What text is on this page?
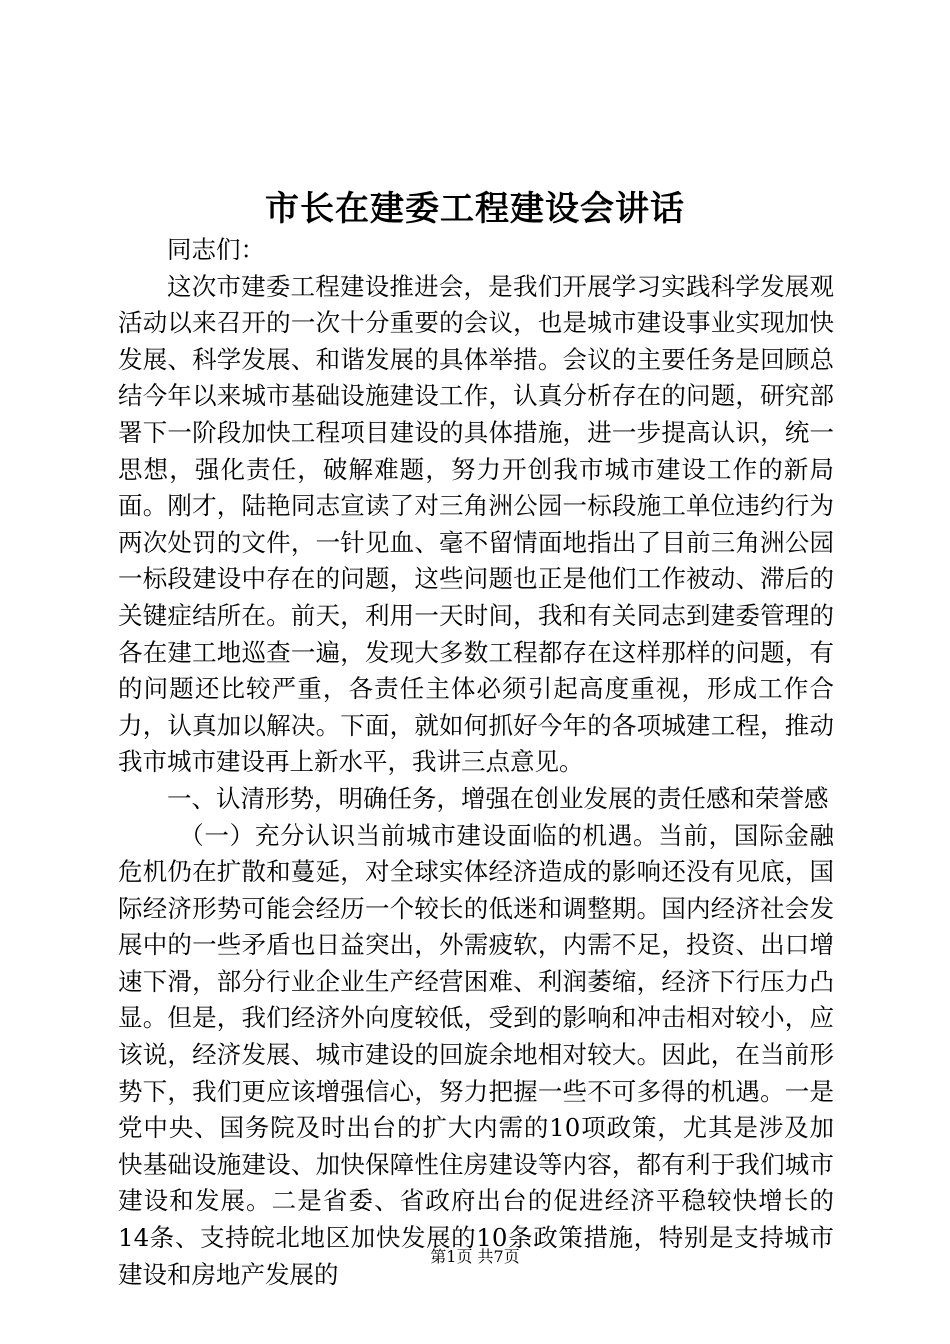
市长在建委工程建设会讲话

同志们：

这次市建委工程建设推进会，是我们开展学习实践科学发展观活动以来召开的一次十分重要的会议，也是城市建设事业实现加快发展、科学发展、和谐发展的具体举措。会议的主要任务是回顾总结今年以来城市基础设施建设工作，认真分析存在的问题，研究部署下一阶段加快工程项目建设的具体措施，进一步提高认识，统一思想，强化责任，破解难题，努力开创我市城市建设工作的新局面。刚才，陆艳同志宣读了对三角洲公园一标段施工单位违约行为两次处罚的文件，一针见血、毫不留情面地指出了目前三角洲公园一标段建设中存在的问题，这些问题也正是他们工作被动、滞后的关键症结所在。前天，利用一天时间，我和有关同志到建委管理的各在建工地巡查一遍，发现大多数工程都存在这样那样的问题，有的问题还比较严重，各责任主体必须引起高度重视，形成工作合力，认真加以解决。下面，就如何抓好今年的各项城建工程，推动我市城市建设再上新水平，我讲三点意见。

一、认清形势，明确任务，增强在创业发展的责任感和荣誉感

（一）充分认识当前城市建设面临的机遇。当前，国际金融危机仍在扩散和蔓延，对全球实体经济造成的影响还没有见底，国际经济形势可能会经历一个较长的低迷和调整期。国内经济社会发展中的一些矛盾也日益突出，外需疲软，内需不足，投资、出口增速下滑，部分行业企业生产经营困难、利润萎缩，经济下行压力凸显。但是，我们经济外向度较低，受到的影响和冲击相对较小，应该说，经济发展、城市建设的回旋余地相对较大。因此，在当前形势下，我们更应该增强信心，努力把握一些不可多得的机遇。一是党中央、国务院及时出台的扩大内需的10项政策，尤其是涉及加快基础设施建设、加快保障性住房建设等内容，都有利于我们城市建设和发展。二是省委、省政府出台的促进经济平稳较快增长的14条、支持皖北地区加快发展的10条政策措施，特别是支持城市建设和房地产发展的

第1页 共7页
